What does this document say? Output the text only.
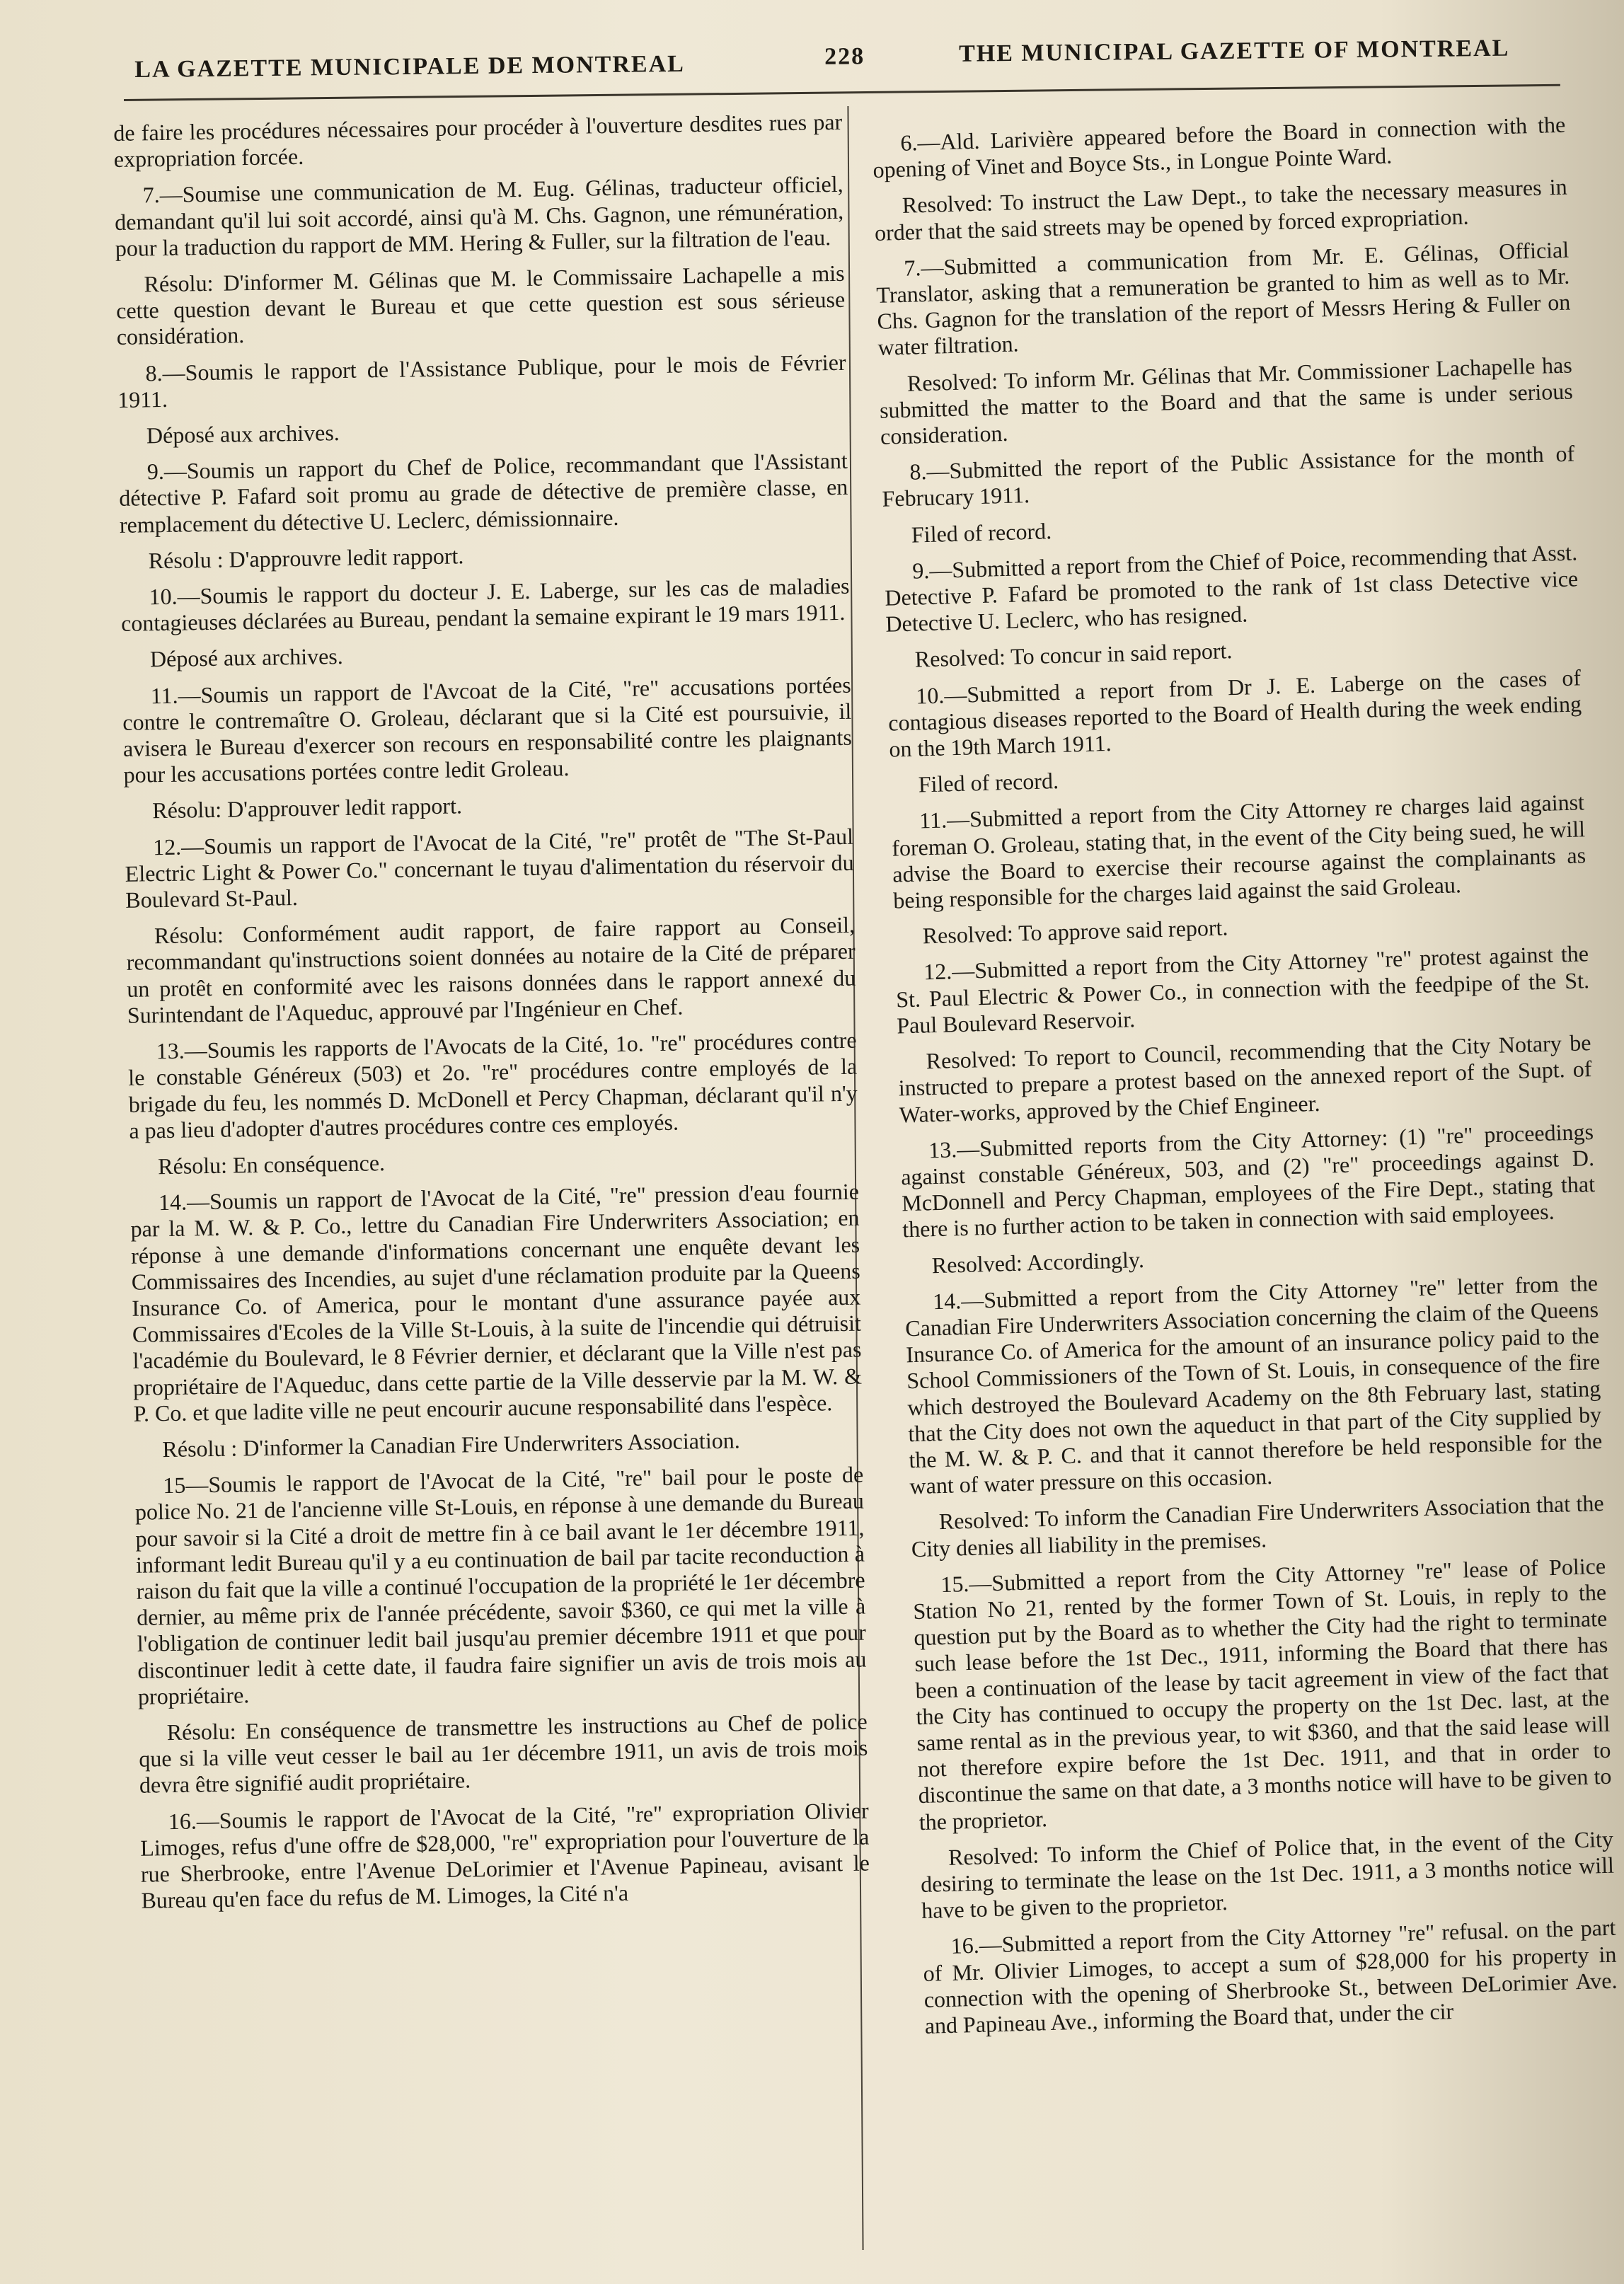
LA GAZETTE MUNICIPALE DE MONTREAL	228	THE MUNICIPAL GAZETTE OF MONTREAL

de faire les procédures nécessaires pour procéder à l'ouverture desdites rues par expropriation forcée.

7.—Soumise une communication de M. Eug. Gélinas, traducteur officiel, demandant qu'il lui soit accordé, ainsi qu'à M. Chs. Gagnon, une rémunération, pour la traduction du rapport de MM. Hering & Fuller, sur la filtration de l'eau.

Résolu: D'informer M. Gélinas que M. le Commissaire Lachapelle a mis cette question devant le Bureau et que cette question est sous sérieuse considération.

8.—Soumis le rapport de l'Assistance Publique, pour le mois de Février 1911.

Déposé aux archives.

9.—Soumis un rapport du Chef de Police, recommandant que l'Assistant détective P. Fafard soit promu au grade de détective de première classe, en remplacement du détective U. Leclerc, démissionnaire.

Résolu : D'approuvre ledit rapport.

10.—Soumis le rapport du docteur J. E. Laberge, sur les cas de maladies contagieuses déclarées au Bureau, pendant la semaine expirant le 19 mars 1911.

Déposé aux archives.

11.—Soumis un rapport de l'Avcoat de la Cité, "re" accusations portées contre le contremaître O. Groleau, déclarant que si la Cité est poursuivie, il avisera le Bureau d'exercer son recours en responsabilité contre les plaignants pour les accusations portées contre ledit Groleau.

Résolu: D'approuver ledit rapport.

12.—Soumis un rapport de l'Avocat de la Cité, "re" protêt de "The St-Paul Electric Light & Power Co." concernant le tuyau d'alimentation du réservoir du Boulevard St-Paul.

Résolu: Conformément audit rapport, de faire rapport au Conseil, recommandant qu'instructions soient données au notaire de la Cité de préparer un protêt en conformité avec les raisons données dans le rapport annexé du Surintendant de l'Aqueduc, approuvé par l'Ingénieur en Chef.

13.—Soumis les rapports de l'Avocats de la Cité, 1o. "re" procédures contre le constable Généreux (503) et 2o. "re" procédures contre employés de la brigade du feu, les nommés D. McDonell et Percy Chapman, déclarant qu'il n'y a pas lieu d'adopter d'autres procédures contre ces employés.

Résolu: En conséquence.

14.—Soumis un rapport de l'Avocat de la Cité, "re" pression d'eau fournie par la M. W. & P. Co., lettre du Canadian Fire Underwriters Association; en réponse à une demande d'informations concernant une enquête devant les Commissaires des Incendies, au sujet d'une réclamation produite par la Queens Insurance Co. of America, pour le montant d'une assurance payée aux Commissaires d'Ecoles de la Ville St-Louis, à la suite de l'incendie qui détruisit l'académie du Boulevard, le 8 Février dernier, et déclarant que la Ville n'est pas propriétaire de l'Aqueduc, dans cette partie de la Ville desservie par la M. W. & P. Co. et que ladite ville ne peut encourir aucune responsabilité dans l'espèce.

Résolu : D'informer la Canadian Fire Underwriters Association.

15—Soumis le rapport de l'Avocat de la Cité, "re" bail pour le poste de police No. 21 de l'ancienne ville St-Louis, en réponse à une demande du Bureau pour savoir si la Cité a droit de mettre fin à ce bail avant le 1er décembre 1911, informant ledit Bureau qu'il y a eu continuation de bail par tacite reconduction à raison du fait que la ville a continué l'occupation de la propriété le 1er décembre dernier, au même prix de l'année précédente, savoir $360, ce qui met la ville à l'obligation de continuer ledit bail jusqu'au premier décembre 1911 et que pour discontinuer ledit à cette date, il faudra faire signifier un avis de trois mois au propriétaire.

Résolu: En conséquence de transmettre les instructions au Chef de police que si la ville veut cesser le bail au 1er décembre 1911, un avis de trois mois devra être signifié audit propriétaire.

16.—Soumis le rapport de l'Avocat de la Cité, "re" expropriation Olivier Limoges, refus d'une offre de $28,000, "re" expropriation pour l'ouverture de la rue Sherbrooke, entre l'Avenue DeLorimier et l'Avenue Papineau, avisant le Bureau qu'en face du refus de M. Limoges, la Cité n'a

6.—Ald. Larivière appeared before the Board in connection with the opening of Vinet and Boyce Sts., in Longue Pointe Ward.

Resolved: To instruct the Law Dept., to take the necessary measures in order that the said streets may be opened by forced expropriation.

7.—Submitted a communication from Mr. E. Gélinas, Official Translator, asking that a remuneration be granted to him as well as to Mr. Chs. Gagnon for the translation of the report of Messrs Hering & Fuller on water filtration.

Resolved: To inform Mr. Gélinas that Mr. Commissioner Lachapelle has submitted the matter to the Board and that the same is under serious consideration.

8.—Submitted the report of the Public Assistance for the month of Februcary 1911.

Filed of record.

9.—Submitted a report from the Chief of Poice, recommending that Asst. Detective P. Fafard be promoted to the rank of 1st class Detective vice Detective U. Leclerc, who has resigned.

Resolved: To concur in said report.

10.—Submitted a report from Dr J. E. Laberge on the cases of contagious diseases reported to the Board of Health during the week ending on the 19th March 1911.

Filed of record.

11.—Submitted a report from the City Attorney re charges laid against foreman O. Groleau, stating that, in the event of the City being sued, he will advise the Board to exercise their recourse against the complainants as being responsible for the charges laid against the said Groleau.

Resolved: To approve said report.

12.—Submitted a report from the City Attorney "re" protest against the St. Paul Electric & Power Co., in connection with the feedpipe of the St. Paul Boulevard Reservoir.

Resolved: To report to Council, recommending that the City Notary be instructed to prepare a protest based on the annexed report of the Supt. of Water-works, approved by the Chief Engineer.

13.—Submitted reports from the City Attorney: (1) "re" proceedings against constable Généreux, 503, and (2) "re" proceedings against D. McDonnell and Percy Chapman, employees of the Fire Dept., stating that there is no further action to be taken in connection with said employees.

Resolved: Accordingly.

14.—Submitted a report from the City Attorney "re" letter from the Canadian Fire Underwriters Association concerning the claim of the Queens Insurance Co. of America for the amount of an insurance policy paid to the School Commissioners of the Town of St. Louis, in consequence of the fire which destroyed the Boulevard Academy on the 8th February last, stating that the City does not own the aqueduct in that part of the City supplied by the M. W. & P. C. and that it cannot therefore be held responsible for the want of water pressure on this occasion.

Resolved: To inform the Canadian Fire Underwriters Association that the City denies all liability in the premises.

15.—Submitted a report from the City Attorney "re" lease of Police Station No 21, rented by the former Town of St. Louis, in reply to the question put by the Board as to whether the City had the right to terminate such lease before the 1st Dec., 1911, informing the Board that there has been a continuation of the lease by tacit agreement in view of the fact that the City has continued to occupy the property on the 1st Dec. last, at the same rental as in the previous year, to wit $360, and that the said lease will not therefore expire before the 1st Dec. 1911, and that in order to discontinue the same on that date, a 3 months notice will have to be given to the proprietor.

Resolved: To inform the Chief of Police that, in the event of the City desiring to terminate the lease on the 1st Dec. 1911, a 3 months notice will have to be given to the proprietor.

16.—Submitted a report from the City Attorney "re" refusal. on the part of Mr. Olivier Limoges, to accept a sum of $28,000 for his property in connection with the opening of Sherbrooke St., between DeLorimier Ave. and Papineau Ave., informing the Board that, under the cir
